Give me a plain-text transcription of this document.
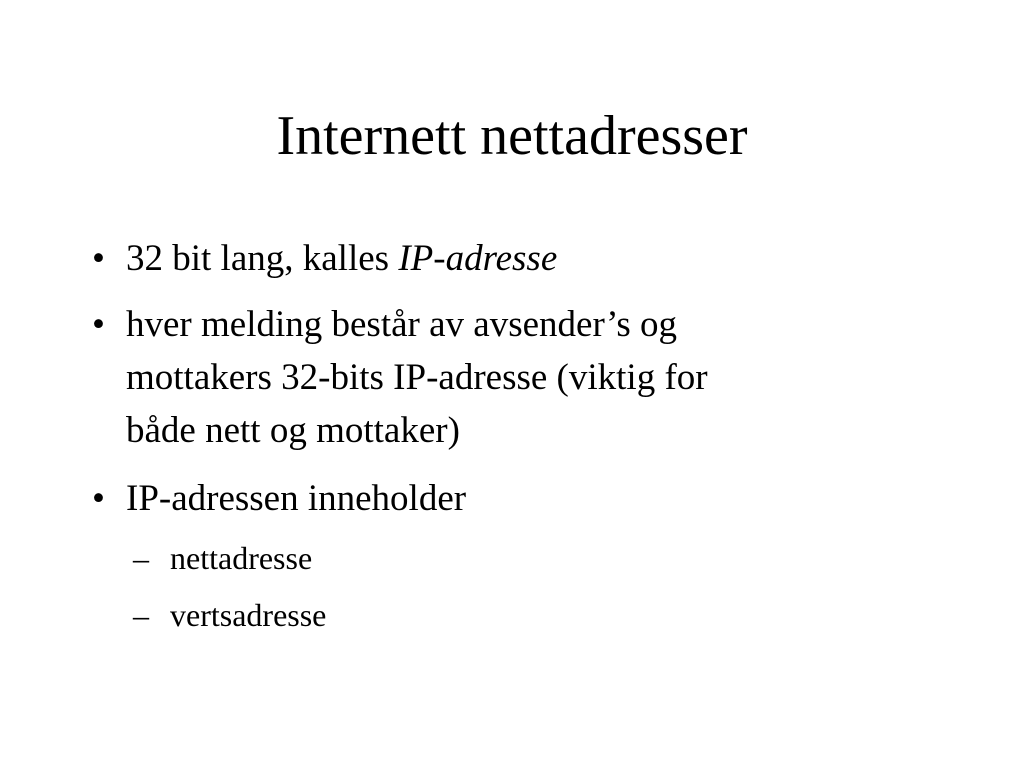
Internett nettadresser
• 32 bit lang, kalles IP-adresse
• hver melding består av avsender’s og
mottakers 32-bits IP-adresse (viktig for
både nett og mottaker)
• IP-adressen inneholder
– nettadresse
– vertsadresse
